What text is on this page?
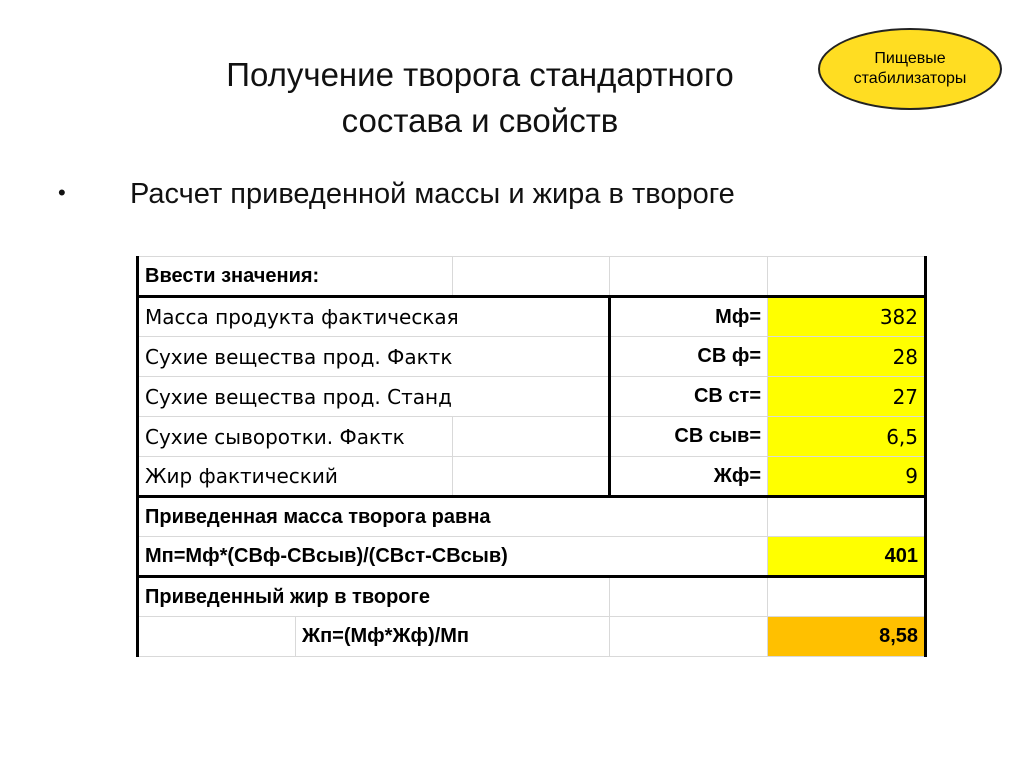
Получение творога стандартного
состава и свойств
Пищевые
стабилизаторы
• Расчет приведенной массы и жира в твороге
Ввести значения:				
Масса продукта фактическая			Мф=	382
Сухие вещества прод. Фактк			СВ ф=	28
Сухие вещества прод. Станд			СВ ст=	27
Сухие сыворотки. Фактк			СВ сыв=	6,5
Жир фактический			Жф=	9
Приведенная масса творога равна				
Мп=Мф*(СВф-СВсыв)/(СВст-СВсыв)				401
Приведенный жир в твороге				
	Жп=(Мф*Жф)/Мп			8,58
